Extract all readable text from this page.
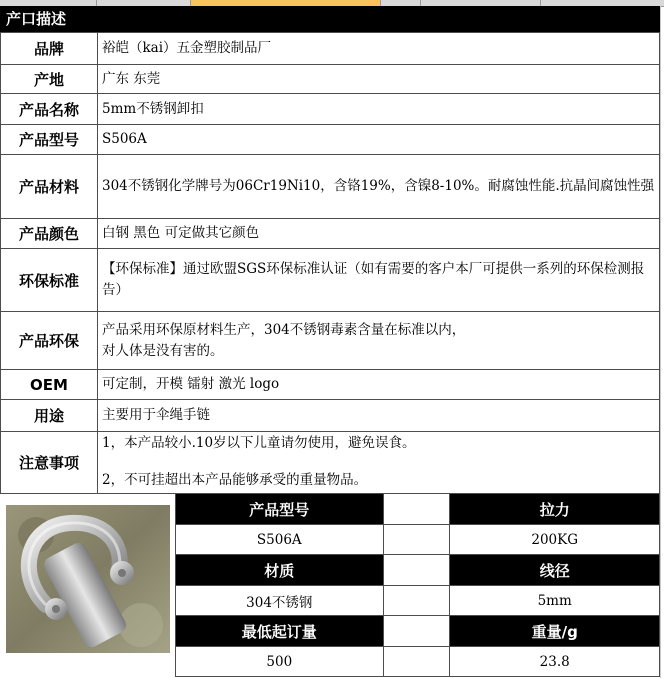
产口描述
品牌	裕皑（kai）五金塑胶制品厂
产地	广东 东莞
产品名称	5mm不锈钢卸扣
产品型号	S506A
产品材料	304不锈钢化学牌号为06Cr19Ni10，含铬19%，含镍8-10%。耐腐蚀性能.抗晶间腐蚀性强
产品颜色	白钢 黑色 可定做其它颜色
环保标准	【环保标准】通过欧盟SGS环保标准认证（如有需要的客户本厂可提供一系列的环保检测报告）
产品环保	产品采用环保原材料生产，304不锈钢毒素含量在标准以内，
对人体是没有害的。

OEM	可定制，开模 镭射 激光 logo
用途	主要用于伞绳手链
注意事项	1，本产品较小.10岁以下儿童请勿使用，避免误食。
2，不可挂超出本产品能够承受的重量物品。
产品型号		拉力
S506A		200KG
材质		线径
304不锈钢		5mm
最低起订量		重量/g
500		23.8
